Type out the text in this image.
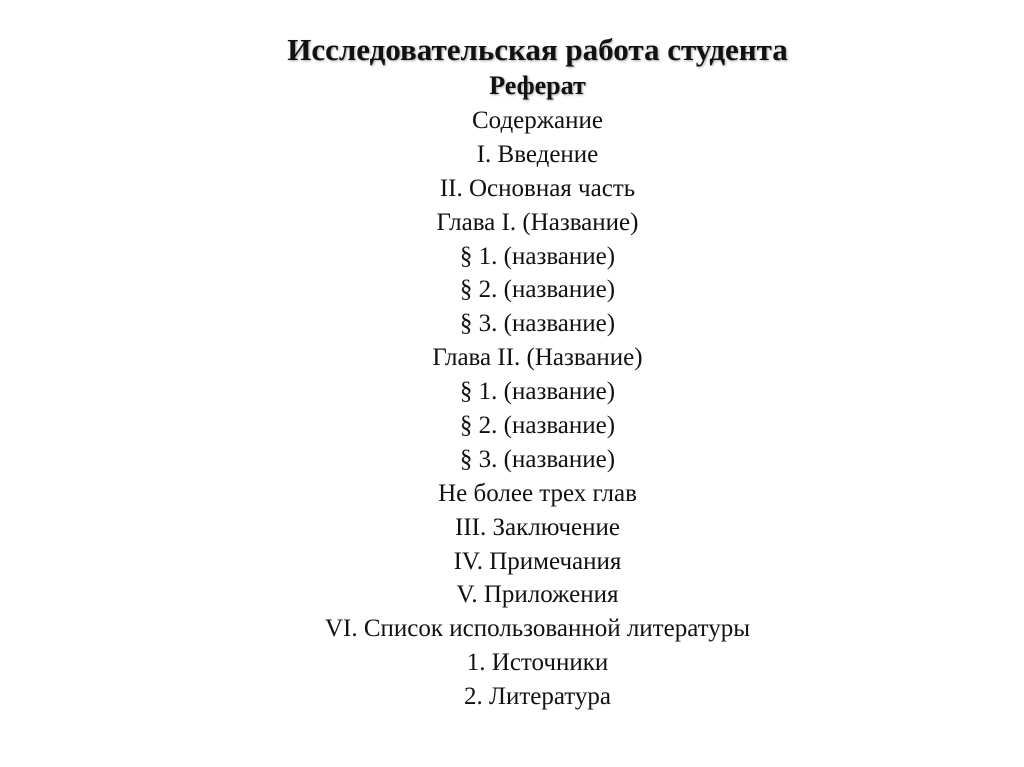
Исследовательская работа студента
Реферат
Содержание
I. Введение
II. Основная часть
Глава I. (Название)
§ 1. (название)
§ 2. (название)
§ 3. (название)
Глава II. (Название)
§ 1. (название)
§ 2. (название)
§ 3. (название)
Не более трех глав
III. Заключение
IV. Примечания
V. Приложения
VI. Список использованной литературы
1. Источники
2. Литература
